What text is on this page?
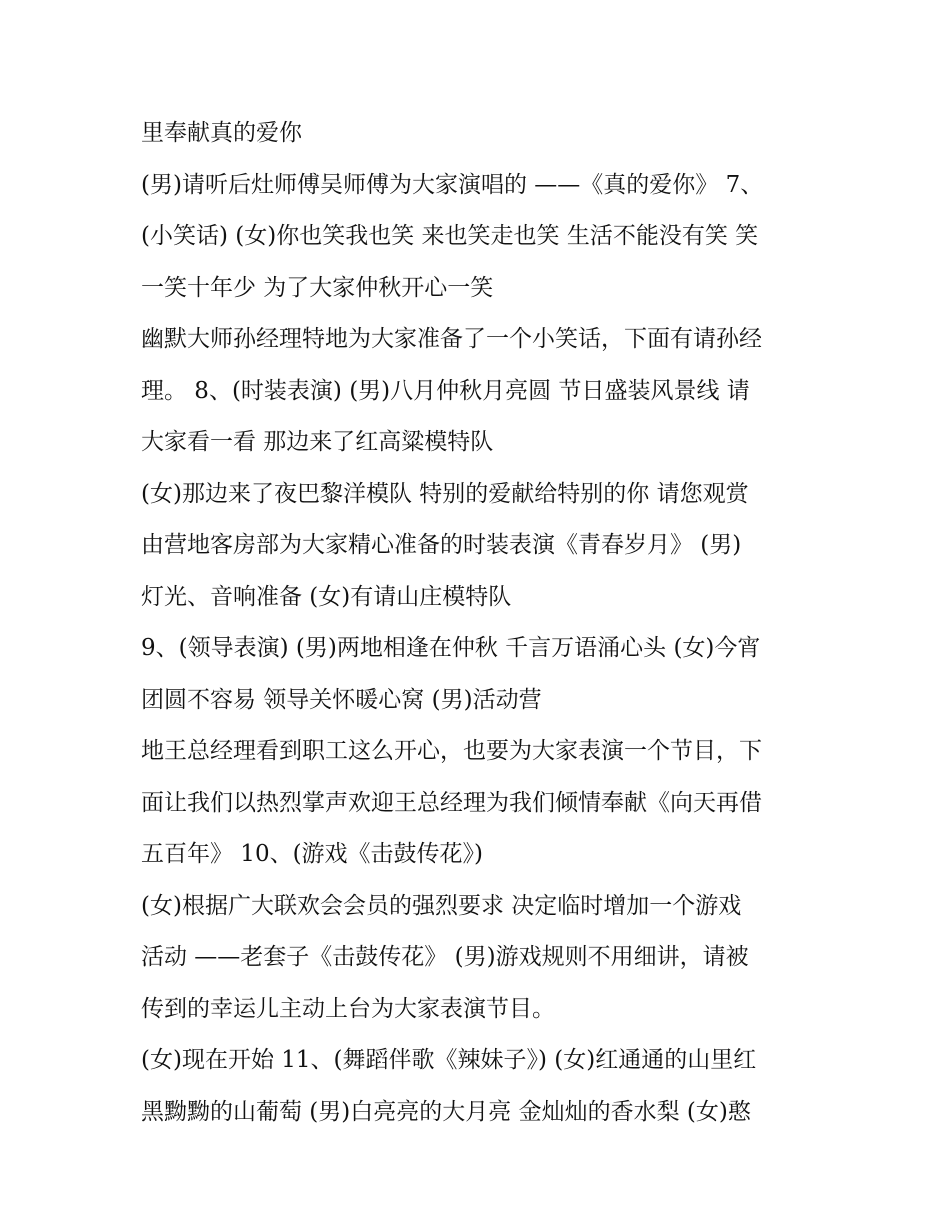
里奉献真的爱你
(男)请听后灶师傅吴师傅为大家演唱的 ——《真的爱你》 7、
(小笑话) (女)你也笑我也笑 来也笑走也笑 生活不能没有笑 笑
一笑十年少 为了大家仲秋开心一笑
幽默大师孙经理特地为大家准备了一个小笑话，下面有请孙经
理。 8、(时装表演) (男)八月仲秋月亮圆 节日盛装风景线 请
大家看一看 那边来了红高粱模特队
(女)那边来了夜巴黎洋模队 特别的爱献给特别的你 请您观赏
由营地客房部为大家精心准备的时装表演《青春岁月》 (男)
灯光、音响准备 (女)有请山庄模特队
9、(领导表演) (男)两地相逢在仲秋 千言万语涌心头 (女)今宵
团圆不容易 领导关怀暖心窝 (男)活动营
地王总经理看到职工这么开心，也要为大家表演一个节目，下
面让我们以热烈掌声欢迎王总经理为我们倾情奉献《向天再借
五百年》 10、(游戏《击鼓传花》)
(女)根据广大联欢会会员的强烈要求 决定临时增加一个游戏
活动 ——老套子《击鼓传花》 (男)游戏规则不用细讲，请被
传到的幸运儿主动上台为大家表演节目。
(女)现在开始 11、(舞蹈伴歌《辣妹子》) (女)红通通的山里红
黑黝黝的山葡萄 (男)白亮亮的大月亮 金灿灿的香水梨 (女)憨
